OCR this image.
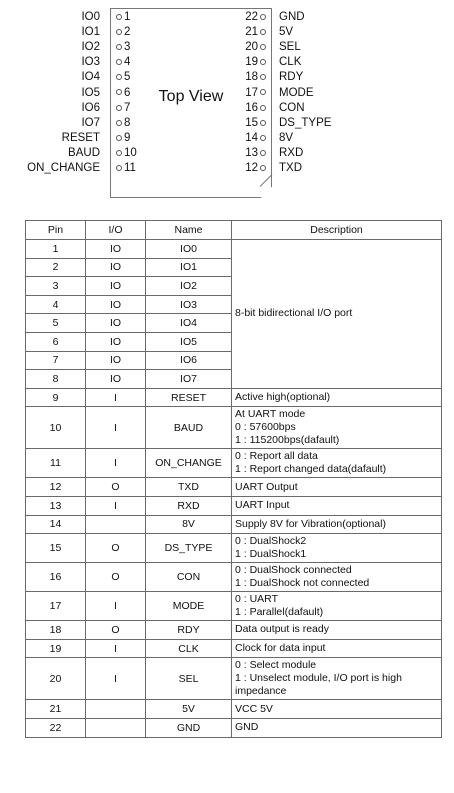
Top View
IO0	1
IO1	2
IO2	3
IO3	4
IO4	5
IO5	6
IO6	7
IO7	8
RESET	9
BAUD	10
ON_CHANGE	11
22	GND
21	5V
20	SEL
19	CLK
18	RDY
17	MODE
16	CON
15	DS_TYPE
14	8V
13	RXD
12	TXD
Pin	I/O	Name	Description
1	IO	IO0	8-bit bidirectional I/O port
2	IO	IO1	
3	IO	IO2	
4	IO	IO3	
5	IO	IO4	
6	IO	IO5	
7	IO	IO6	
8	IO	IO7	
9	I	RESET	Active high(optional)

10	I	BAUD	At UART mode
0 : 57600bps
1 : 115200bps(dafault)

11	I	ON_CHANGE	0 : Report all data
1 : Report changed data(dafault)

12	O	TXD	UART Output

13	I	RXD	UART Input

14		8V	Supply 8V for Vibration(optional)

15	O	DS_TYPE	0 : DualShock2
1 : DualShock1

16	O	CON	0 : DualShock connected
1 : DualShock not connected

17	I	MODE	0 : UART
1 : Parallel(dafault)

18	O	RDY	Data output is ready

19	I	CLK	Clock for data input

20	I	SEL	0 : Select module
1 : Unselect module, I/O port is high
impedance

21		5V	VCC 5V

22		GND	GND
